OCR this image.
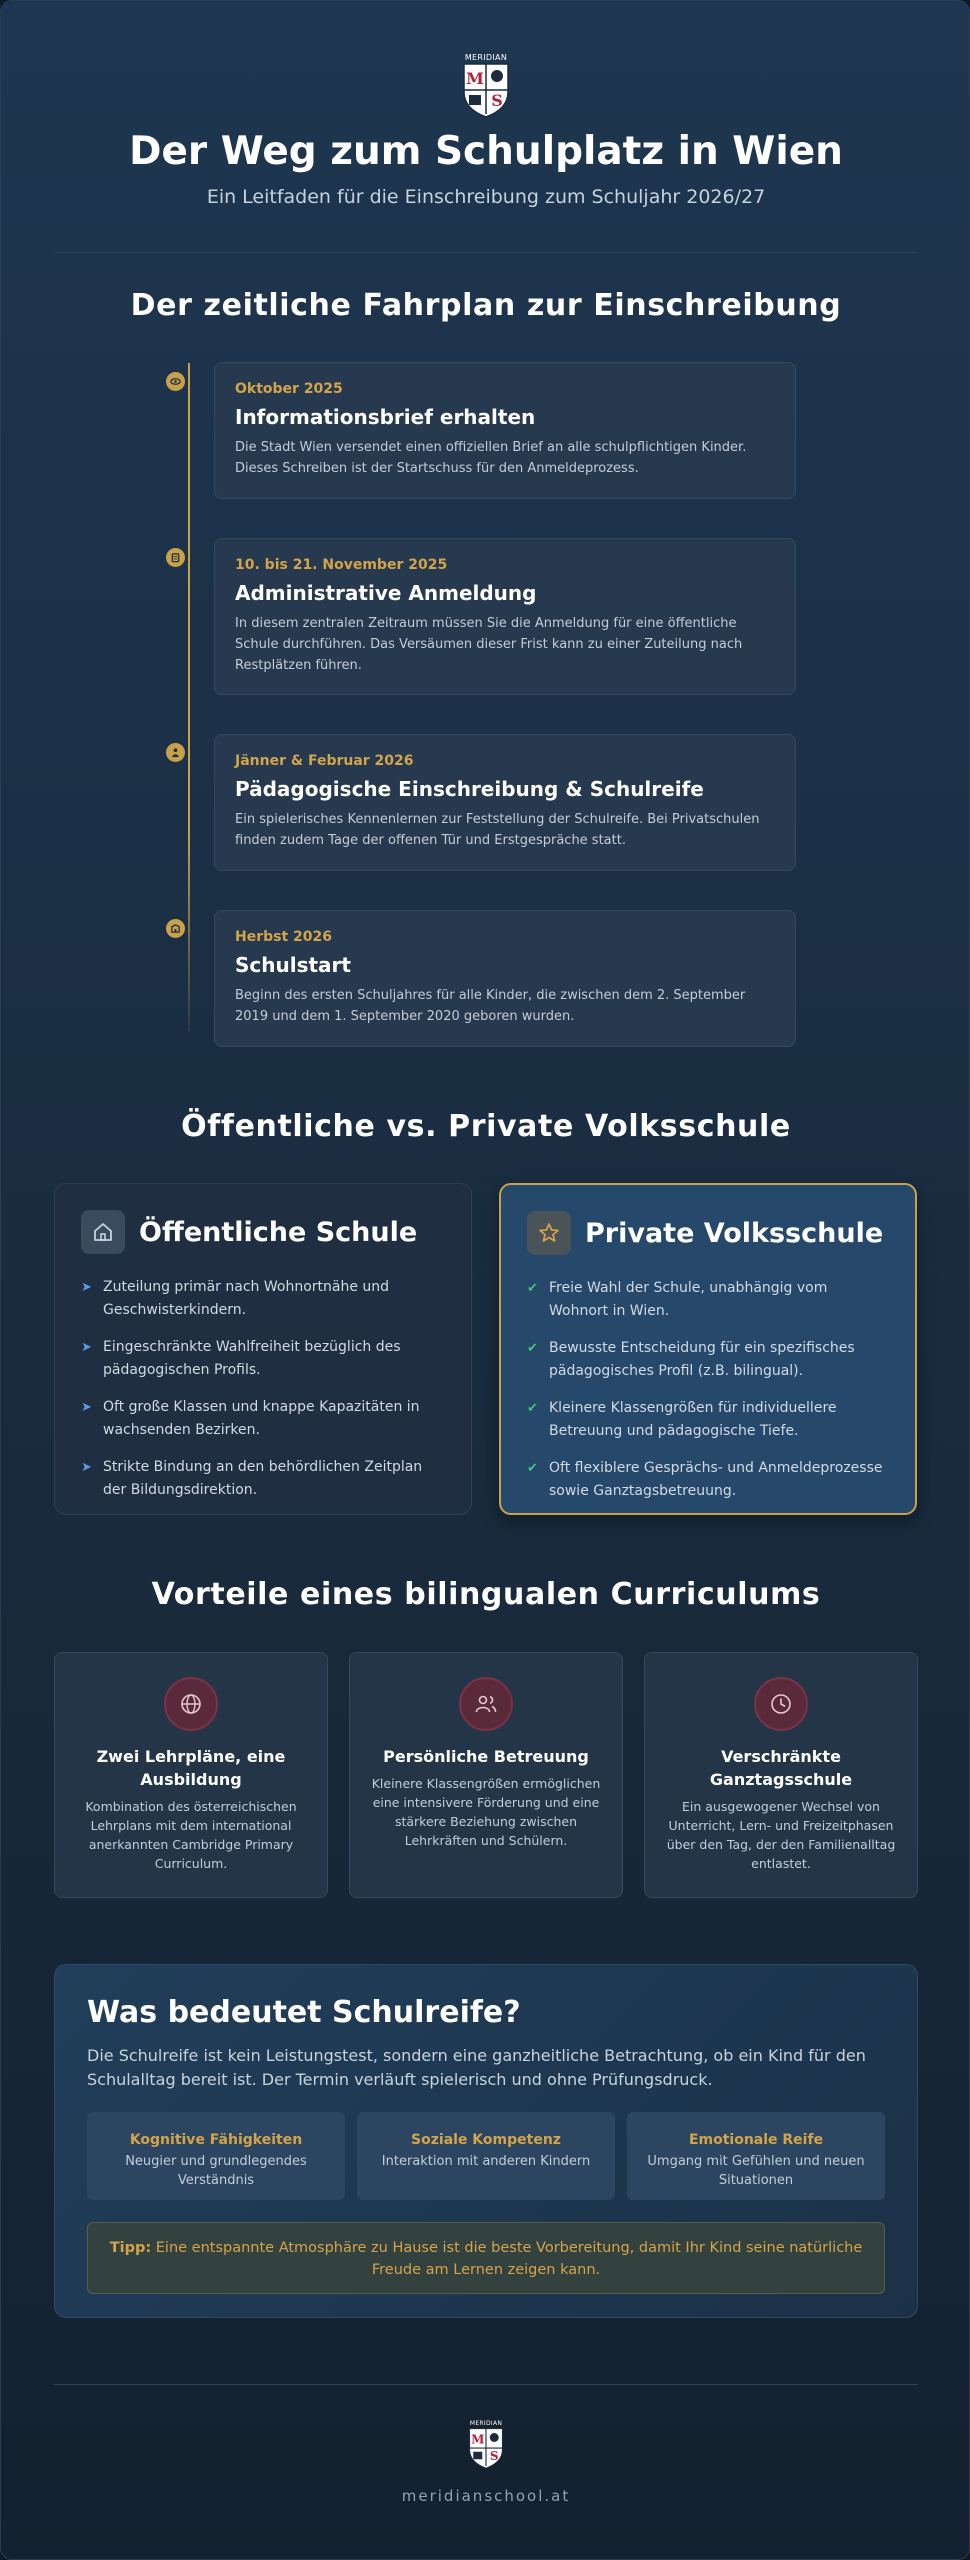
MERIDIAN
M
S
Der Weg zum Schulplatz in Wien
Ein Leitfaden für die Einschreibung zum Schuljahr 2026/27
Der zeitliche Fahrplan zur Einschreibung
Oktober 2025
Informationsbrief erhalten
Die Stadt Wien versendet einen offiziellen Brief an alle schulpflichtigen Kinder. Dieses Schreiben ist der Startschuss für den Anmeldeprozess.
10. bis 21. November 2025
Administrative Anmeldung
In diesem zentralen Zeitraum müssen Sie die Anmeldung für eine öffentliche Schule durchführen. Das Versäumen dieser Frist kann zu einer Zuteilung nach Restplätzen führen.
Jänner & Februar 2026
Pädagogische Einschreibung & Schulreife
Ein spielerisches Kennenlernen zur Feststellung der Schulreife. Bei Privatschulen finden zudem Tage der offenen Tür und Erstgespräche statt.
Herbst 2026
Schulstart
Beginn des ersten Schuljahres für alle Kinder, die zwischen dem 2. September 2019 und dem 1. September 2020 geboren wurden.
Öffentliche vs. Private Volksschule
Öffentliche Schule
➤ Zuteilung primär nach Wohnortnähe und Geschwisterkindern.
➤ Eingeschränkte Wahlfreiheit bezüglich des pädagogischen Profils.
➤ Oft große Klassen und knappe Kapazitäten in wachsenden Bezirken.
➤ Strikte Bindung an den behördlichen Zeitplan der Bildungsdirektion.
Private Volksschule
✔ Freie Wahl der Schule, unabhängig vom Wohnort in Wien.
✔ Bewusste Entscheidung für ein spezifisches pädagogisches Profil (z.B. bilingual).
✔ Kleinere Klassengrößen für individuellere Betreuung und pädagogische Tiefe.
✔ Oft flexiblere Gesprächs- und Anmeldeprozesse sowie Ganztagsbetreuung.
Vorteile eines bilingualen Curriculums
Zwei Lehrpläne, eine Ausbildung
Kombination des österreichischen Lehrplans mit dem international anerkannten Cambridge Primary Curriculum.
Persönliche Betreuung
Kleinere Klassengrößen ermöglichen eine intensivere Förderung und eine stärkere Beziehung zwischen Lehrkräften und Schülern.
Verschränkte Ganztagsschule
Ein ausgewogener Wechsel von Unterricht, Lern- und Freizeitphasen über den Tag, der den Familienalltag entlastet.
Was bedeutet Schulreife?
Die Schulreife ist kein Leistungstest, sondern eine ganzheitliche Betrachtung, ob ein Kind für den Schulalltag bereit ist. Der Termin verläuft spielerisch und ohne Prüfungsdruck.
Kognitive Fähigkeiten
Neugier und grundlegendes Verständnis
Soziale Kompetenz
Interaktion mit anderen Kindern
Emotionale Reife
Umgang mit Gefühlen und neuen Situationen
Tipp: Eine entspannte Atmosphäre zu Hause ist die beste Vorbereitung, damit Ihr Kind seine natürliche Freude am Lernen zeigen kann.
MERIDIAN
M
S
meridianschool.at
